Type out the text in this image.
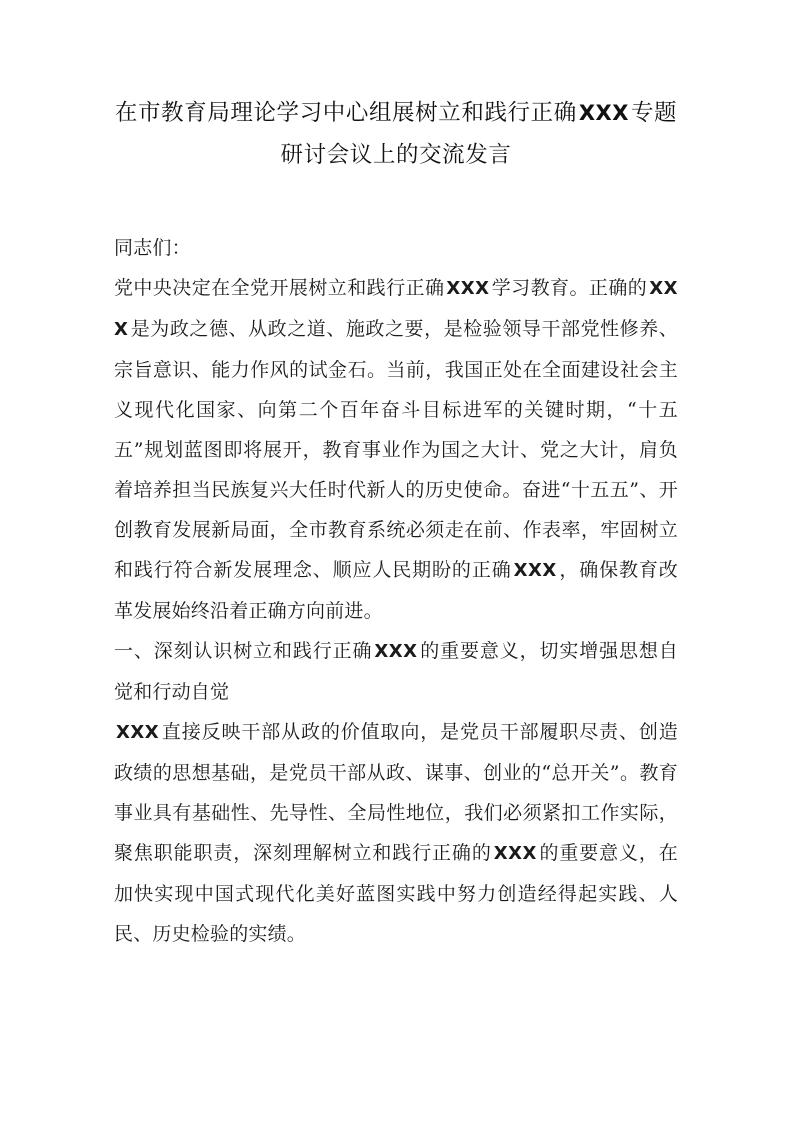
在市教育局理论学习中心组展树立和践行正确XXX专题研讨会议上的交流发言

同志们：

党中央决定在全党开展树立和践行正确 XXX 学习教育。正确的 XXX 是为政之德、从政之道、施政之要，是检验领导干部党性修养、宗旨意识、能力作风的试金石。当前，我国正处在全面建设社会主义现代化国家、向第二个百年奋斗目标进军的关键时期，“十五五”规划蓝图即将展开，教育事业作为国之大计、党之大计，肩负着培养担当民族复兴大任时代新人的历史使命。奋进“十五五”、开创教育发展新局面，全市教育系统必须走在前、作表率，牢固树立和践行符合新发展理念、顺应人民期盼的正确 XXX ，确保教育改革发展始终沿着正确方向前进。

一、深刻认识树立和践行正确 XXX 的重要意义，切实增强思想自觉和行动自觉

XXX 直接反映干部从政的价值取向，是党员干部履职尽责、创造政绩的思想基础，是党员干部从政、谋事、创业的“总开关”。教育事业具有基础性、先导性、全局性地位，我们必须紧扣工作实际，聚焦职能职责，深刻理解树立和践行正确的 XXX 的重要意义，在加快实现中国式现代化美好蓝图实践中努力创造经得起实践、人民、历史检验的实绩。
